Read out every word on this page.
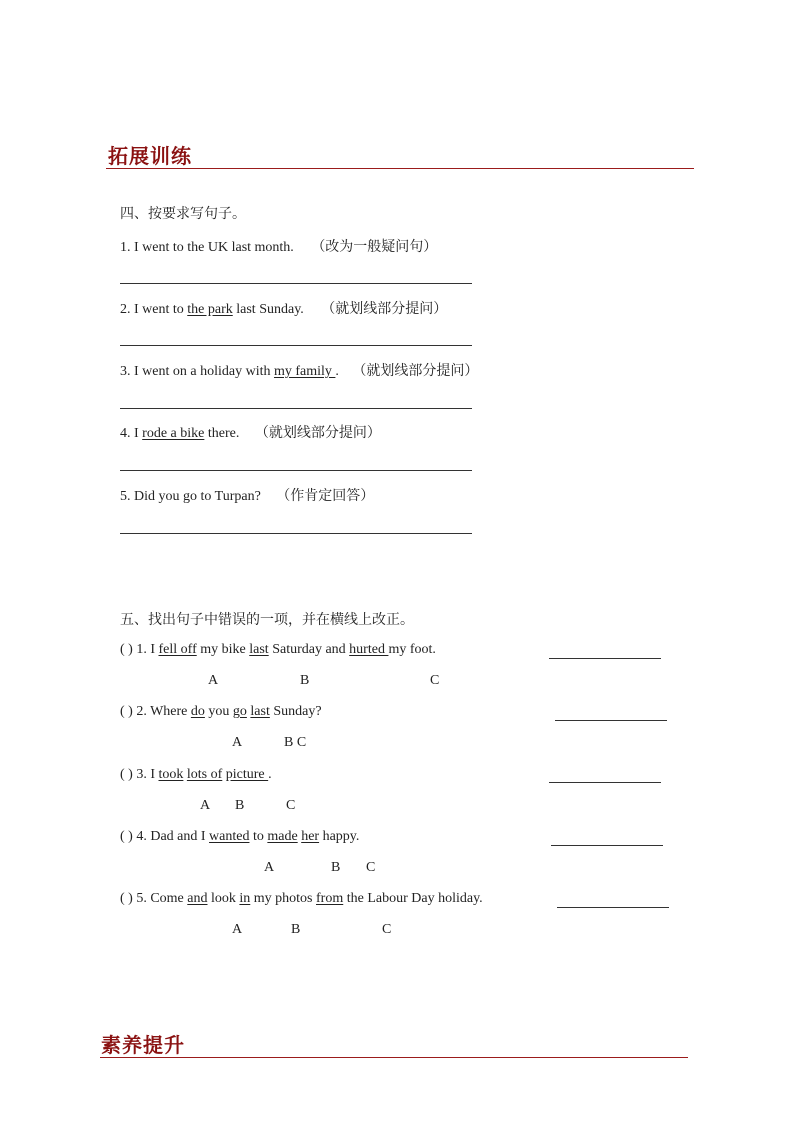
拓展训练
四、按要求写句子。
1. I went to the UK last month. （改为一般疑问句）
2. I went to the park last Sunday. （就划线部分提问）
3. I went on a holiday with my family . （就划线部分提问）
4. I rode a bike there. （就划线部分提问）
5. Did you go to Turpan? （作肯定回答）
五、找出句子中错误的一项，并在横线上改正。
( ) 1. I fell off my bike last Saturday and hurted my foot.
A	B	C
( ) 2. Where do you go last Sunday?
A	B C
( ) 3. I took lots of picture .
A B	C
( ) 4. Dad and I wanted to made her happy.
A	B C
( ) 5. Come and look in my photos from the Labour Day holiday.
A	B	C
素养提升
